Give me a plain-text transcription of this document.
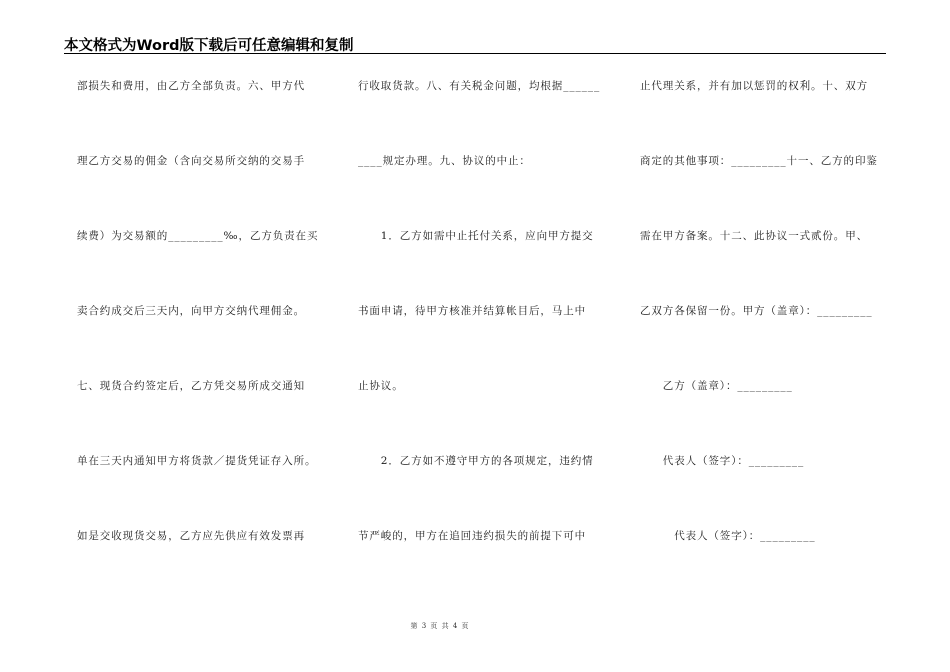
本文格式为Word版下载后可任意编辑和复制
部损失和费用，由乙方全部负责。六、甲方代
理乙方交易的佣金（含向交易所交纳的交易手
续费）为交易额的_________‰，乙方负责在买
卖合约成交后三天内，向甲方交纳代理佣金。
七、现货合约签定后，乙方凭交易所成交通知
单在三天内通知甲方将货款／提货凭证存入所。
如是交收现货交易，乙方应先供应有效发票再
行收取货款。八、有关税金问题，均根据______
____规定办理。九、协议的中止：
　　1．乙方如需中止托付关系，应向甲方提交
书面申请，待甲方核准并结算帐目后，马上中
止协议。
　　2．乙方如不遵守甲方的各项规定，违约情
节严峻的，甲方在追回违约损失的前提下可中
止代理关系，并有加以惩罚的权利。十、双方
商定的其他事项：_________十一、乙方的印鉴
需在甲方备案。十二、此协议一式贰份。甲、
乙双方各保留一份。甲方（盖章）：_________
　　乙方（盖章）：_________
　　代表人（签字）：_________
　　　代表人（签字）：_________
第 3 页 共 4 页
